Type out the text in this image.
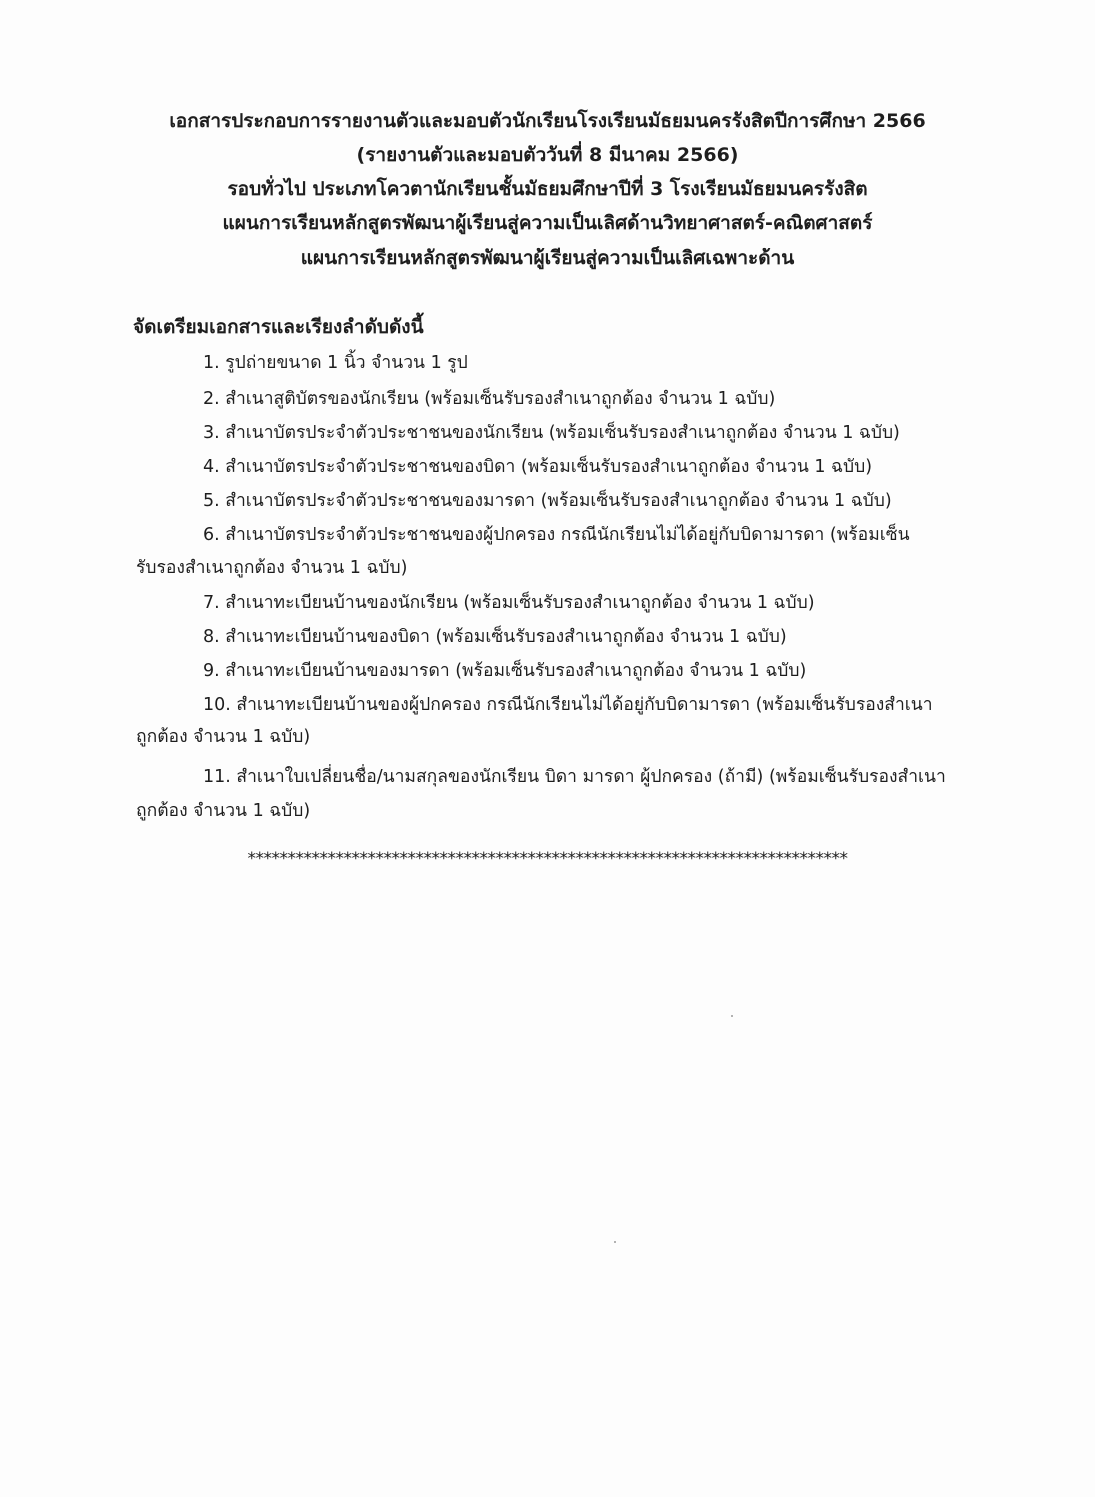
เอกสารประกอบการรายงานตัวและมอบตัวนักเรียนโรงเรียนมัธยมนครรังสิตปีการศึกษา 2566
(รายงานตัวและมอบตัววันที่ 8 มีนาคม 2566)
รอบทั่วไป ประเภทโควตานักเรียนชั้นมัธยมศึกษาปีที่ 3 โรงเรียนมัธยมนครรังสิต
แผนการเรียนหลักสูตรพัฒนาผู้เรียนสู่ความเป็นเลิศด้านวิทยาศาสตร์-คณิตศาสตร์
แผนการเรียนหลักสูตรพัฒนาผู้เรียนสู่ความเป็นเลิศเฉพาะด้าน
จัดเตรียมเอกสารและเรียงลำดับดังนี้
1. รูปถ่ายขนาด 1 นิ้ว จำนวน 1 รูป
2. สำเนาสูติบัตรของนักเรียน (พร้อมเซ็นรับรองสำเนาถูกต้อง จำนวน 1 ฉบับ)
3. สำเนาบัตรประจำตัวประชาชนของนักเรียน (พร้อมเซ็นรับรองสำเนาถูกต้อง จำนวน 1 ฉบับ)
4. สำเนาบัตรประจำตัวประชาชนของบิดา (พร้อมเซ็นรับรองสำเนาถูกต้อง จำนวน 1 ฉบับ)
5. สำเนาบัตรประจำตัวประชาชนของมารดา (พร้อมเซ็นรับรองสำเนาถูกต้อง จำนวน 1 ฉบับ)
6. สำเนาบัตรประจำตัวประชาชนของผู้ปกครอง กรณีนักเรียนไม่ได้อยู่กับบิดามารดา (พร้อมเซ็น
รับรองสำเนาถูกต้อง จำนวน 1 ฉบับ)
7. สำเนาทะเบียนบ้านของนักเรียน (พร้อมเซ็นรับรองสำเนาถูกต้อง จำนวน 1 ฉบับ)
8. สำเนาทะเบียนบ้านของบิดา (พร้อมเซ็นรับรองสำเนาถูกต้อง จำนวน 1 ฉบับ)
9. สำเนาทะเบียนบ้านของมารดา (พร้อมเซ็นรับรองสำเนาถูกต้อง จำนวน 1 ฉบับ)
10. สำเนาทะเบียนบ้านของผู้ปกครอง กรณีนักเรียนไม่ได้อยู่กับบิดามารดา (พร้อมเซ็นรับรองสำเนา
ถูกต้อง จำนวน 1 ฉบับ)
11. สำเนาใบเปลี่ยนชื่อ/นามสกุลของนักเรียน บิดา มารดา ผู้ปกครอง (ถ้ามี) (พร้อมเซ็นรับรองสำเนา
ถูกต้อง จำนวน 1 ฉบับ)
***************************************************************************
